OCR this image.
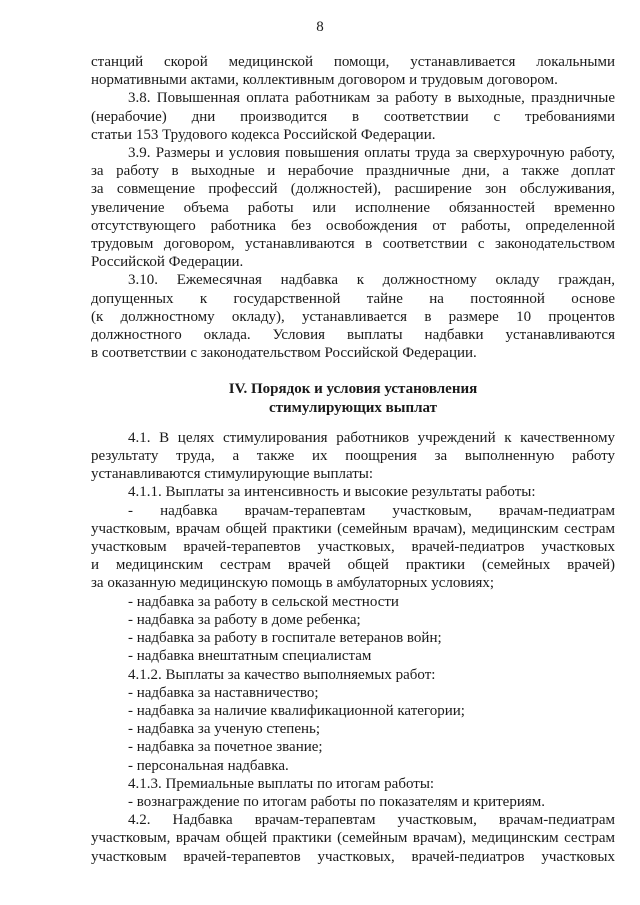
8
станций скорой медицинской помощи, устанавливается локальными
нормативными актами, коллективным договором и трудовым договором.
3.8. Повышенная оплата работникам за работу в выходные, праздничные
(нерабочие) дни производится в соответствии с требованиями
статьи 153 Трудового кодекса Российской Федерации.
3.9. Размеры и условия повышения оплаты труда за сверхурочную работу,
за работу в выходные и нерабочие праздничные дни, а также доплат
за совмещение профессий (должностей), расширение зон обслуживания,
увеличение объема работы или исполнение обязанностей временно
отсутствующего работника без освобождения от работы, определенной
трудовым договором, устанавливаются в соответствии с законодательством
Российской Федерации.
3.10. Ежемесячная надбавка к должностному окладу граждан,
допущенных к государственной тайне на постоянной основе
(к должностному окладу), устанавливается в размере 10 процентов
должностного оклада. Условия выплаты надбавки устанавливаются
в соответствии с законодательством Российской Федерации.
IV. Порядок и условия установления
стимулирующих выплат
4.1. В целях стимулирования работников учреждений к качественному
результату труда, а также их поощрения за выполненную работу
устанавливаются стимулирующие выплаты:
4.1.1. Выплаты за интенсивность и высокие результаты работы:
- надбавка врачам-терапевтам участковым, врачам-педиатрам
участковым, врачам общей практики (семейным врачам), медицинским сестрам
участковым врачей-терапевтов участковых, врачей-педиатров участковых
и медицинским сестрам врачей общей практики (семейных врачей)
за оказанную медицинскую помощь в амбулаторных условиях;
- надбавка за работу в сельской местности
- надбавка за работу в доме ребенка;
- надбавка за работу в госпитале ветеранов войн;
- надбавка внештатным специалистам
4.1.2. Выплаты за качество выполняемых работ:
- надбавка за наставничество;
- надбавка за наличие квалификационной категории;
- надбавка за ученую степень;
- надбавка за почетное звание;
- персональная надбавка.
4.1.3. Премиальные выплаты по итогам работы:
- вознаграждение по итогам работы по показателям и критериям.
4.2. Надбавка врачам-терапевтам участковым, врачам-педиатрам
участковым, врачам общей практики (семейным врачам), медицинским сестрам
участковым врачей-терапевтов участковых, врачей-педиатров участковых
